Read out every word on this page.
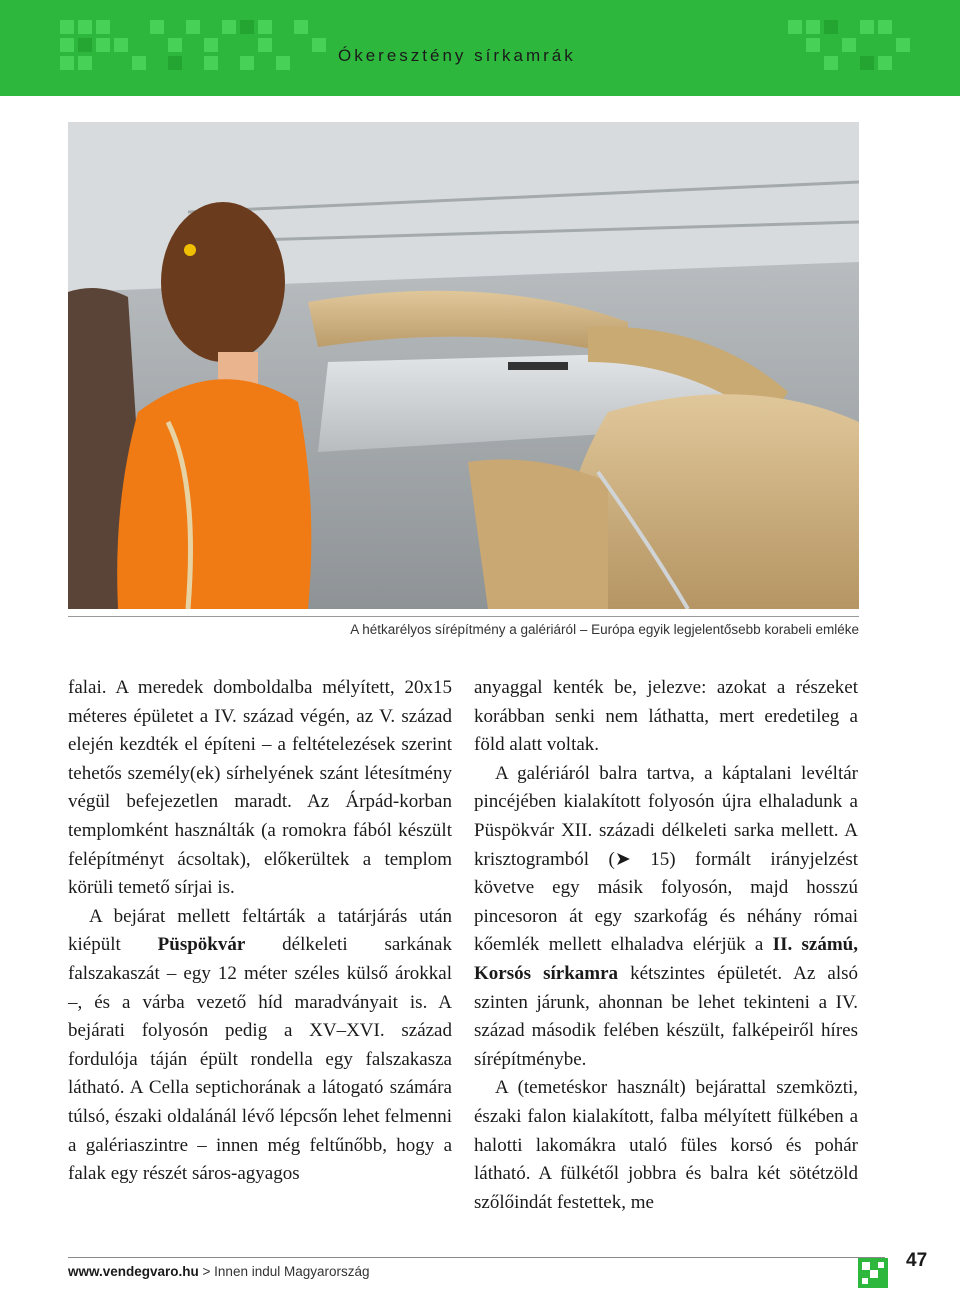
Ókeresztény sírkamrák
A hétkarélyos sírépítmény a galériáról – Európa egyik legjelentősebb korabeli emléke

falai. A meredek domboldalba mélyített, 20x15 méteres épületet a IV. század végén, az V. század elején kezdték el építeni – a feltételezések szerint tehetős személy(ek) sírhelyének szánt létesítmény végül befejezetlen maradt. Az Árpád-korban templomként használták (a romokra fából készült felépítményt ácsoltak), előkerültek a templom körüli temető sírjai is.

A bejárat mellett feltárták a tatárjárás után kiépült Püspökvár délkeleti sarkának falszakaszát – egy 12 méter széles külső árokkal –, és a várba vezető híd maradványait is. A bejárati folyosón pedig a XV–XVI. század fordulója táján épült rondella egy falszakasza látható. A Cella septichorának a látogató számára túlsó, északi oldalánál lévő lépcsőn lehet felmenni a galériaszintre – innen még feltűnőbb, hogy a falak egy részét sáros-agyagos

anyaggal kenték be, jelezve: azokat a részeket korábban senki nem láthatta, mert eredetileg a föld alatt voltak.

A galériáról balra tartva, a káptalani levéltár pincéjében kialakított folyosón újra elhaladunk a Püspökvár XII. századi délkeleti sarka mellett. A krisztogramból (➤ 15) formált irányjelzést követve egy másik folyosón, majd hosszú pincesoron át egy szarkofág és néhány római kőemlék mellett elhaladva elérjük a II. számú, Korsós sírkamra kétszintes épületét. Az alsó szinten járunk, ahonnan be lehet tekinteni a IV. század második felében készült, falképeiről híres sírépítménybe.

A (temetéskor használt) bejárattal szemközti, északi falon kialakított, falba mélyített fülkében a halotti lakomákra utaló füles korsó és pohár látható. A fülkétől jobbra és balra két sötétzöld szőlőindát festettek, me

www.vendegvaro.hu > Innen indul Magyarország
47
